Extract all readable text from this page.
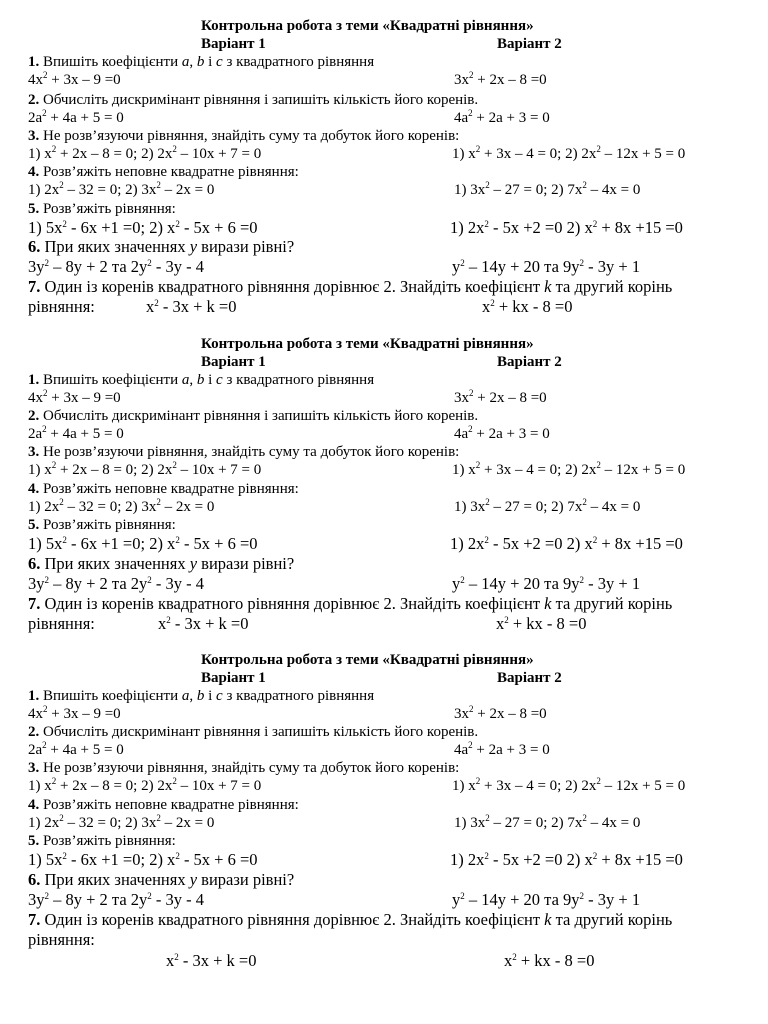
Контрольна робота з теми «Квадратні рівняння»
Варіант 1	Варіант 2
1. Впишіть коефіцієнти a, b і c з квадратного рівняння
$4x^2 + 3x - 9 =0$	$3x^2 + 2x - 8 =0$
2. Обчисліть дискримінант рівняння і запишіть кількість його коренів.
$2a^2 + 4a + 5 = 0$	$4a^2 + 2a + 3 = 0$
3. Не розв’язуючи рівняння, знайдіть суму та добуток його коренів:
1) $x^2 + 2x - 8 = 0$; 2) $2x^2 - 10x + 7 = 0$	1) $x^2 + 3x - 4 = 0$; 2) $2x^2 - 12x + 5 = 0$
4. Розв’яжіть неповне квадратне рівняння:
1) $2x^2 - 32 = 0$; 2) $3x^2 - 2x = 0$	1) $3x^2 - 27 = 0$; 2) $7x^2 - 4x = 0$
5. Розв’яжіть рівняння:
1) $5x^2 - 6x +1 =0$; 2) $x^2 - 5x + 6 =0$	1) $2x^2 - 5x +2 =0$ 2) $x^2 + 8x +15 =0$
6. При яких значеннях y вирази рівні?
$3y^2 - 8y + 2$ та $2y^2 - 3y - 4$	$y^2 - 14y + 20$ та $9y^2 - 3y + 1$
7. Один із коренів квадратного рівняння дорівнює 2. Знайдіть коефіцієнт k та другий корінь
рівняння:	$x^2 - 3x + k =0$	$x^2$ + kx - 8 =0
Контрольна робота з теми «Квадратні рівняння»
Варіант 1	Варіант 2
1. Впишіть коефіцієнти a, b і c з квадратного рівняння
$4x^2 + 3x - 9 =0$	$3x^2 + 2x - 8 =0$
2. Обчисліть дискримінант рівняння і запишіть кількість його коренів.
$2a^2 + 4a + 5 = 0$	$4a^2 + 2a + 3 = 0$
3. Не розв’язуючи рівняння, знайдіть суму та добуток його коренів:
1) $x^2 + 2x - 8 = 0$; 2) $2x^2 - 10x + 7 = 0$	1) $x^2 + 3x - 4 = 0$; 2) $2x^2 - 12x + 5 = 0$
4. Розв’яжіть неповне квадратне рівняння:
1) $2x^2 - 32 = 0$; 2) $3x^2 - 2x = 0$	1) $3x^2 - 27 = 0$; 2) $7x^2 - 4x = 0$
5. Розв’яжіть рівняння:
1) $5x^2 - 6x +1 =0$; 2) $x^2 - 5x + 6 =0$	1) $2x^2 - 5x +2 =0$ 2) $x^2 + 8x +15 =0$
6. При яких значеннях y вирази рівні?
$3y^2 - 8y + 2$ та $2y^2 - 3y - 4$	$y^2 - 14y + 20$ та $9y^2 - 3y + 1$
7. Один із коренів квадратного рівняння дорівнює 2. Знайдіть коефіцієнт k та другий корінь
рівняння:	$x^2 - 3x + k =0$	$x^2$ + kx - 8 =0
Контрольна робота з теми «Квадратні рівняння»
Варіант 1	Варіант 2
1. Впишіть коефіцієнти a, b і c з квадратного рівняння
$4x^2 + 3x - 9 =0$	$3x^2 + 2x - 8 =0$
2. Обчисліть дискримінант рівняння і запишіть кількість його коренів.
$2a^2 + 4a + 5 = 0$	$4a^2 + 2a + 3 = 0$
3. Не розв’язуючи рівняння, знайдіть суму та добуток його коренів:
1) $x^2 + 2x - 8 = 0$; 2) $2x^2 - 10x + 7 = 0$	1) $x^2 + 3x - 4 = 0$; 2) $2x^2 - 12x + 5 = 0$
4. Розв’яжіть неповне квадратне рівняння:
1) $2x^2 - 32 = 0$; 2) $3x^2 - 2x = 0$	1) $3x^2 - 27 = 0$; 2) $7x^2 - 4x = 0$
5. Розв’яжіть рівняння:
1) $5x^2 - 6x +1 =0$; 2) $x^2 - 5x + 6 =0$	1) $2x^2 - 5x +2 =0$ 2) $x^2 + 8x +15 =0$
6. При яких значеннях y вирази рівні?
$3y^2 - 8y + 2$ та $2y^2 - 3y - 4$	$y^2 - 14y + 20$ та $9y^2 - 3y + 1$
7. Один із коренів квадратного рівняння дорівнює 2. Знайдіть коефіцієнт k та другий корінь
рівняння:
$x^2 - 3x + k =0$	$x^2$ + kx - 8 =0
